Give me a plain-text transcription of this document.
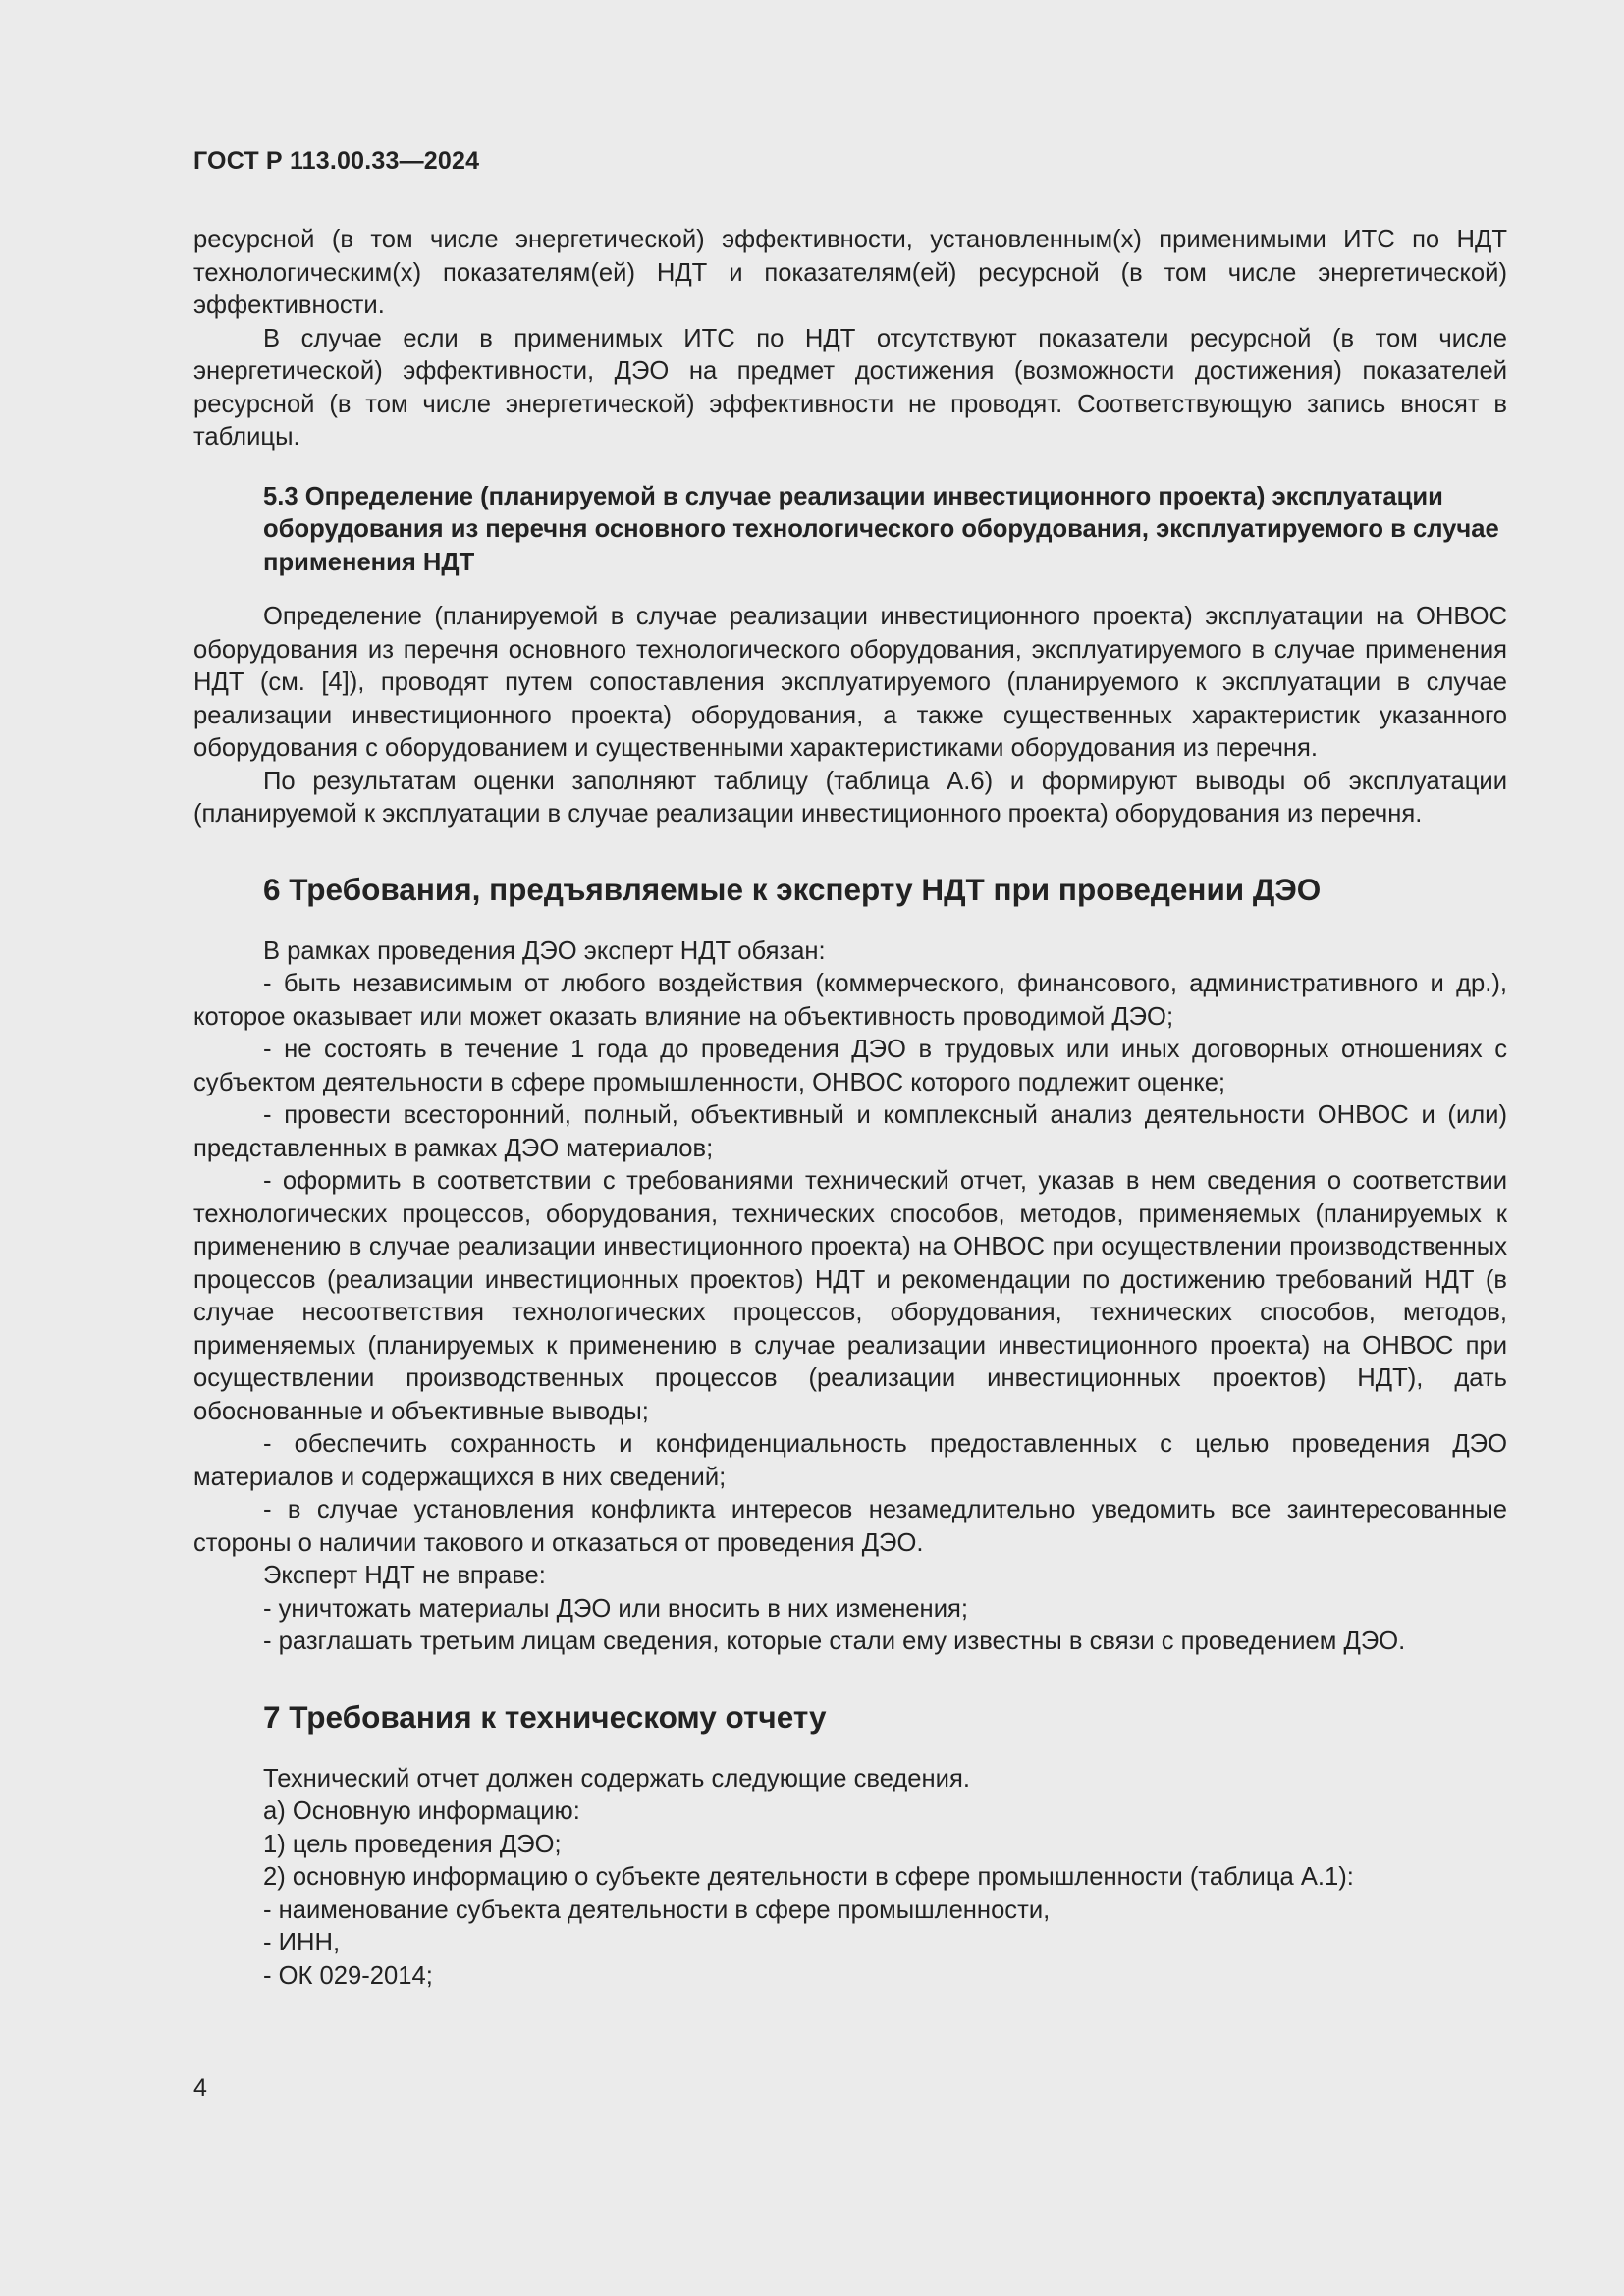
ГОСТ Р 113.00.33—2024

ресурсной (в том числе энергетической) эффективности, установленным(х) применимыми ИТС по НДТ технологическим(х) показателям(ей) НДТ и показателям(ей) ресурсной (в том числе энергетической) эффективности.

В случае если в применимых ИТС по НДТ отсутствуют показатели ресурсной (в том числе энергетической) эффективности, ДЭО на предмет достижения (возможности достижения) показателей ресурсной (в том числе энергетической) эффективности не проводят. Соответствующую запись вносят в таблицы.

5.3 Определение (планируемой в случае реализации инвестиционного проекта) эксплуатации оборудования из перечня основного технологического оборудования, эксплуатируемого в случае применения НДТ

Определение (планируемой в случае реализации инвестиционного проекта) эксплуатации на ОНВОС оборудования из перечня основного технологического оборудования, эксплуатируемого в случае применения НДТ (см. [4]), проводят путем сопоставления эксплуатируемого (планируемого к эксплуатации в случае реализации инвестиционного проекта) оборудования, а также существенных характеристик указанного оборудования с оборудованием и существенными характеристиками оборудования из перечня.

По результатам оценки заполняют таблицу (таблица А.6) и формируют выводы об эксплуатации (планируемой к эксплуатации в случае реализации инвестиционного проекта) оборудования из перечня.

6 Требования, предъявляемые к эксперту НДТ при проведении ДЭО

В рамках проведения ДЭО эксперт НДТ обязан:

- быть независимым от любого воздействия (коммерческого, финансового, административного и др.), которое оказывает или может оказать влияние на объективность проводимой ДЭО;

- не состоять в течение 1 года до проведения ДЭО в трудовых или иных договорных отношениях с субъектом деятельности в сфере промышленности, ОНВОС которого подлежит оценке;

- провести всесторонний, полный, объективный и комплексный анализ деятельности ОНВОС и (или) представленных в рамках ДЭО материалов;

- оформить в соответствии с требованиями технический отчет, указав в нем сведения о соответствии технологических процессов, оборудования, технических способов, методов, применяемых (планируемых к применению в случае реализации инвестиционного проекта) на ОНВОС при осуществлении производственных процессов (реализации инвестиционных проектов) НДТ и рекомендации по достижению требований НДТ (в случае несоответствия технологических процессов, оборудования, технических способов, методов, применяемых (планируемых к применению в случае реализации инвестиционного проекта) на ОНВОС при осуществлении производственных процессов (реализации инвестиционных проектов) НДТ), дать обоснованные и объективные выводы;

- обеспечить сохранность и конфиденциальность предоставленных с целью проведения ДЭО материалов и содержащихся в них сведений;

- в случае установления конфликта интересов незамедлительно уведомить все заинтересованные стороны о наличии такового и отказаться от проведения ДЭО.

Эксперт НДТ не вправе:

- уничтожать материалы ДЭО или вносить в них изменения;

- разглашать третьим лицам сведения, которые стали ему известны в связи с проведением ДЭО.

7 Требования к техническому отчету

Технический отчет должен содержать следующие сведения.

а) Основную информацию:

1) цель проведения ДЭО;

2) основную информацию о субъекте деятельности в сфере промышленности (таблица А.1):

- наименование субъекта деятельности в сфере промышленности,

- ИНН,

- ОК 029-2014;

4
